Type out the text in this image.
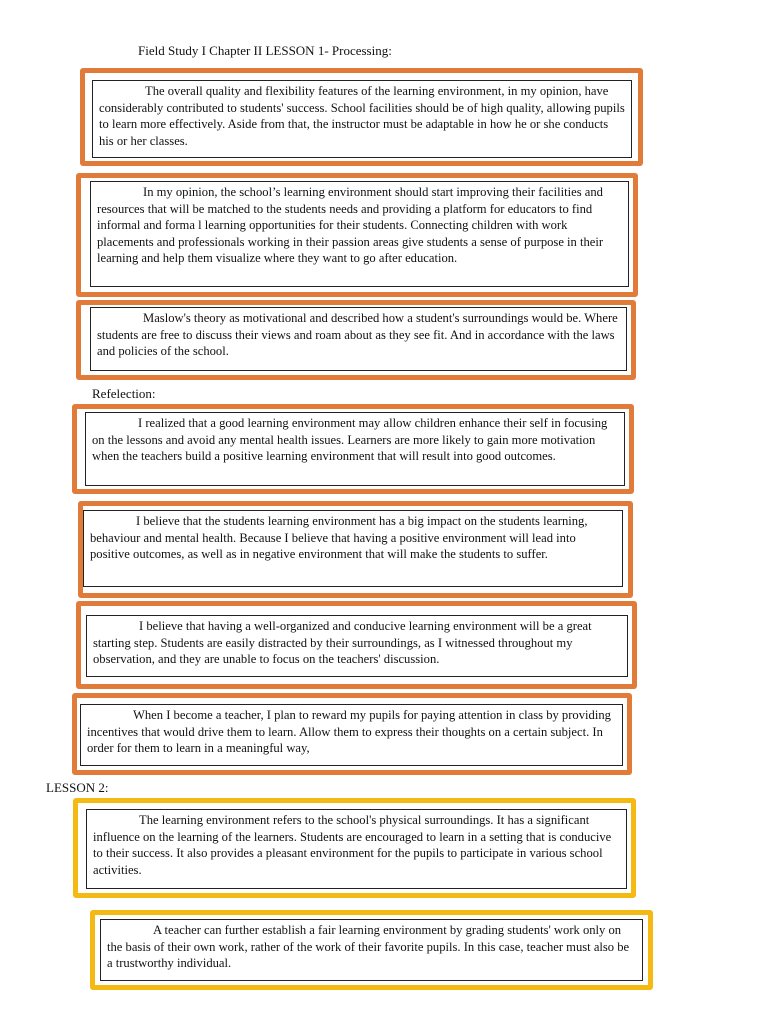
Field Study I Chapter II LESSON 1- Processing:
The overall quality and flexibility features of the learning environment, in my opinion, have considerably contributed to students' success. School facilities should be of high quality, allowing pupils to learn more effectively. Aside from that, the instructor must be adaptable in how he or she conducts his or her classes.
In my opinion, the school’s learning environment should start improving their facilities and resources that will be matched to the students needs and providing a platform for educators to find informal and forma l learning opportunities for their students. Connecting children with work placements and professionals working in their passion areas give students a sense of purpose in their learning and help them visualize where they want to go after education.
Maslow's theory as motivational and described how a student's surroundings would be. Where students are free to discuss their views and roam about as they see fit. And in accordance with the laws and policies of the school.
Refelection:
I realized that a good learning environment may allow children enhance their self in focusing on the lessons and avoid any mental health issues. Learners are more likely to gain more motivation when the teachers build a positive learning environment that will result into good outcomes.
I believe that the students learning environment has a big impact on the students learning, behaviour and mental health. Because I believe that having a positive environment will lead into positive outcomes, as well as in negative environment that will make the students to suffer.
I believe that having a well-organized and conducive learning environment will be a great starting step. Students are easily distracted by their surroundings, as I witnessed throughout my observation, and they are unable to focus on the teachers' discussion.
When I become a teacher, I plan to reward my pupils for paying attention in class by providing incentives that would drive them to learn. Allow them to express their thoughts on a certain subject. In order for them to learn in a meaningful way,
LESSON 2:
The learning environment refers to the school's physical surroundings. It has a significant influence on the learning of the learners. Students are encouraged to learn in a setting that is conducive to their success. It also provides a pleasant environment for the pupils to participate in various school activities.
A teacher can further establish a fair learning environment by grading students' work only on the basis of their own work, rather of the work of their favorite pupils. In this case, teacher must also be a trustworthy individual.
